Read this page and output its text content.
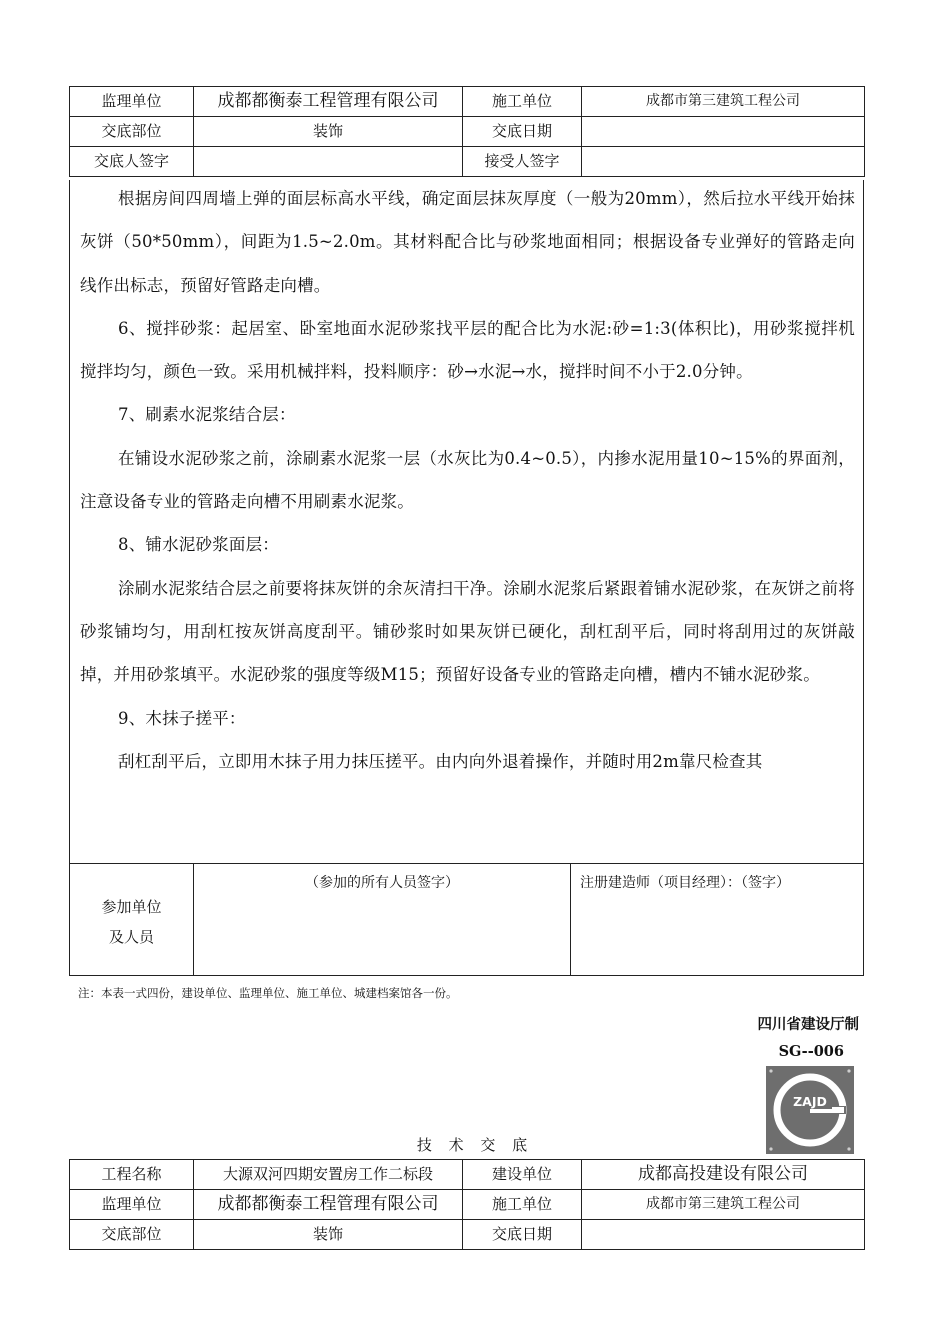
监理单位	成都都衡泰工程管理有限公司	施工单位	成都市第三建筑工程公司
交底部位	装饰	交底日期	
交底人签字		接受人签字	

根据房间四周墙上弹的面层标高水平线，确定面层抹灰厚度（一般为20mm），然后拉水平线开始抹灰饼（50*50mm），间距为1.5~2.0m。其材料配合比与砂浆地面相同；根据设备专业弹好的管路走向线作出标志，预留好管路走向槽。

6、搅拌砂浆：起居室、卧室地面水泥砂浆找平层的配合比为水泥:砂=1:3(体积比)，用砂浆搅拌机搅拌均匀，颜色一致。采用机械拌料，投料顺序：砂→水泥→水，搅拌时间不小于2.0分钟。

7、刷素水泥浆结合层：

在铺设水泥砂浆之前，涂刷素水泥浆一层（水灰比为0.4~0.5），内掺水泥用量10~15%的界面剂，注意设备专业的管路走向槽不用刷素水泥浆。

8、铺水泥砂浆面层：

涂刷水泥浆结合层之前要将抹灰饼的余灰清扫干净。涂刷水泥浆后紧跟着铺水泥砂浆，在灰饼之前将砂浆铺均匀，用刮杠按灰饼高度刮平。铺砂浆时如果灰饼已硬化，刮杠刮平后，同时将刮用过的灰饼敲掉，并用砂浆填平。水泥砂浆的强度等级M15；预留好设备专业的管路走向槽，槽内不铺水泥砂浆。

9、木抹子搓平：

刮杠刮平后，立即用木抹子用力抹压搓平。由内向外退着操作，并随时用2m靠尺检查其

参加单位
及人员
（参加的所有人员签字）	注册建造师（项目经理）：（签字）
注：本表一式四份，建设单位、监理单位、施工单位、城建档案馆各一份。
四川省建设厅制
SG--006
ZAJD
技 术 交 底
工程名称	大源双河四期安置房工作二标段	建设单位	成都高投建设有限公司
监理单位	成都都衡泰工程管理有限公司	施工单位	成都市第三建筑工程公司
交底部位	装饰	交底日期	
